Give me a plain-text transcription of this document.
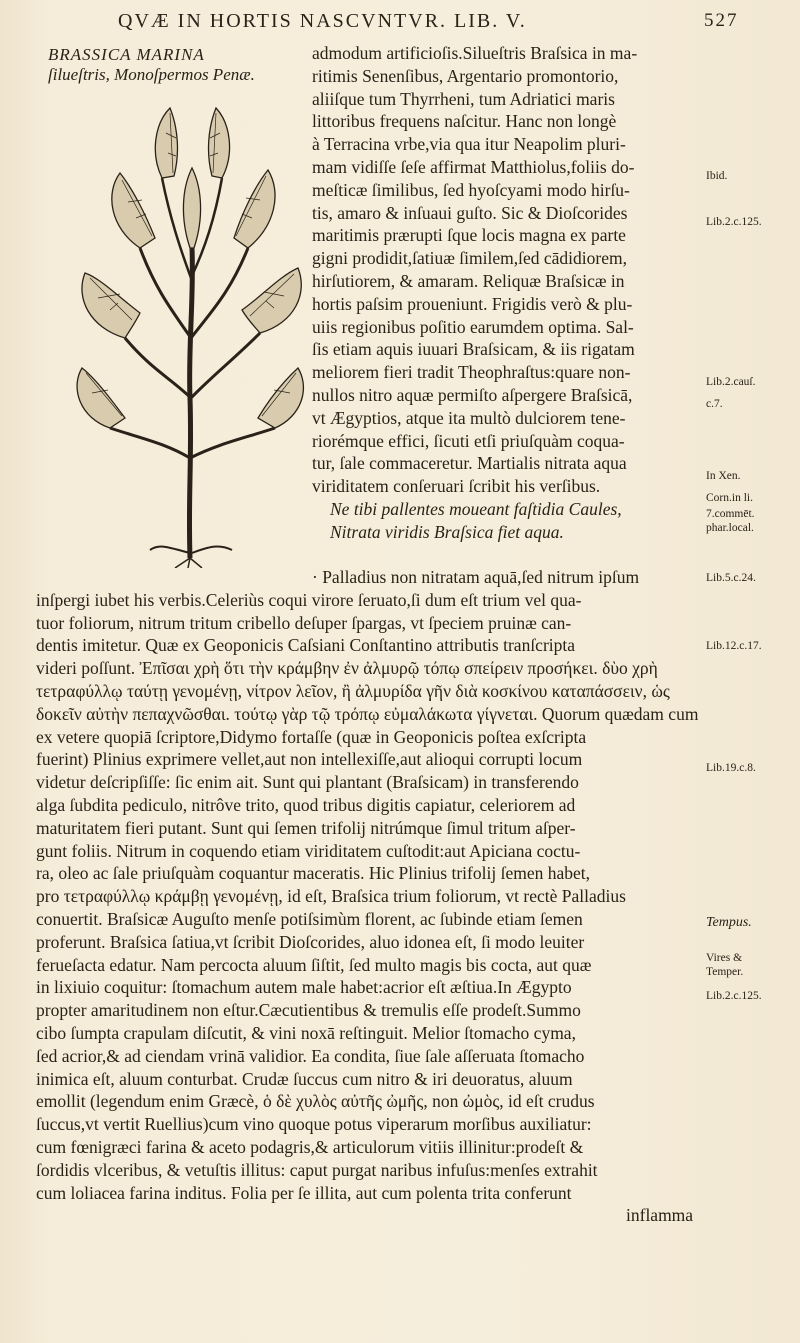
QVÆ IN HORTIS NASCVNTVR. LIB. V.	527
BRASSICA MARINA
ſilueſtris, Monoſpermos Penæ.
admodum artificioſis.Silueſtris Braſsica in ma-
ritimis Senenſibus, Argentario promontorio,
aliiſque tum Thyrrheni, tum Adriatici maris
littoribus frequens naſcitur. Hanc non longè
à Terracina vrbe,via qua itur Neapolim pluri-
mam vidiſſe ſeſe affirmat Matthiolus,foliis do-
meſticæ ſimilibus, ſed hyoſcyami modo hirſu-
tis, amaro & inſuaui guſto. Sic & Dioſcorides
maritimis prærupti ſque locis magna ex parte
gigni prodidit,ſatiuæ ſimilem,ſed cādidiorem,
hirſutiorem, & amaram. Reliquæ Braſsicæ in
hortis paſsim proueniunt. Frigidis verò & plu-
uiis regionibus poſitio earumdem optima. Sal-
ſis etiam aquis iuuari Braſsicam, & iis rigatam
meliorem fieri tradit Theophraſtus:quare non-
nullos nitro aquæ permiſto aſpergere Braſsicā,
vt Ægyptios, atque ita multò dulciorem tene-
riorémque effici, ſicuti etſi priuſquàm coqua-
tur, ſale commaceretur. Martialis nitrata aqua
viriditatem conſeruari ſcribit his verſibus.
Ne tibi pallentes moueant faſtidia Caules,
Nitrata viridis Braſsica fiet aqua.
· Palladius non nitratam aquā,ſed nitrum ipſum
inſpergi iubet his verbis.Celeriùs coqui virore ſeruato,ſi dum eſt trium vel qua-
tuor foliorum, nitrum tritum cribello deſuper ſpargas, vt ſpeciem pruinæ can-
dentis imitetur. Quæ ex Geoponicis Caſsiani Conſtantino attributis tranſcripta
videri poſſunt. Ἐπῖσαι χρὴ ὅτι τὴν κράμβην ἐν ἀλμυρῷ τόπῳ σπείρειν προσήκει. δὺο χρὴ
τετραφύλλῳ ταύτῃ γενομένῃ, νίτρον λεῖον, ἢ ἀλμυρίδα γῆν διὰ κοσκίνου καταπάσσειν, ὡς
δοκεῖν αὐτὴν πεπαχνῶσθαι. τούτῳ γὰρ τῷ τρόπῳ εὐμαλάκωτα γίγνεται. Quorum quædam cum
ex vetere quopiā ſcriptore,Didymo fortaſſe (quæ in Geoponicis poſtea exſcripta
fuerint) Plinius exprimere vellet,aut non intellexiſſe,aut alioqui corrupti locum
videtur deſcripſiſſe: ſic enim ait. Sunt qui plantant (Braſsicam) in transferendo
alga ſubdita pediculo, nitrôve trito, quod tribus digitis capiatur, celeriorem ad
maturitatem fieri putant. Sunt qui ſemen trifolij nitrúmque ſimul tritum aſper-
gunt foliis. Nitrum in coquendo etiam viriditatem cuſtodit:aut Apiciana coctu-
ra, oleo ac ſale priuſquàm coquantur maceratis. Hic Plinius trifolij ſemen habet,
pro τετραφύλλῳ κράμβῃ γενομένῃ, id eſt, Braſsica trium foliorum, vt rectè Palladius
conuertit. Braſsicæ Auguſto menſe potiſsimùm florent, ac ſubinde etiam ſemen
proferunt. Braſsica ſatiua,vt ſcribit Dioſcorides, aluo idonea eſt, ſi modo leuiter
ferueſacta edatur. Nam percocta aluum ſiſtit, ſed multo magis bis cocta, aut quæ
in lixiuio coquitur: ſtomachum autem male habet:acrior eſt æſtiua.In Ægypto
propter amaritudinem non eſtur.Cæcutientibus & tremulis eſſe prodeſt.Summo
cibo ſumpta crapulam diſcutit, & vini noxā reſtinguit. Melior ſtomacho cyma,
ſed acrior,& ad ciendam vrinā validior. Ea condita, ſiue ſale aſſeruata ſtomacho
inimica eſt, aluum conturbat. Crudæ ſuccus cum nitro & iri deuoratus, aluum
emollit (legendum enim Græcè, ὁ δὲ χυλὸς αὐτῆς ὠμῆς, non ὠμὸς, id eſt crudus
ſuccus,vt vertit Ruellius)cum vino quoque potus viperarum morſibus auxiliatur:
cum fœnigræci farina & aceto podagris,& articulorum vitiis illinitur:prodeſt &
ſordidis vlceribus, & vetuſtis illitus: caput purgat naribus infuſus:menſes extrahit
cum loliacea farina inditus. Folia per ſe illita, aut cum polenta trita conferunt
inflamma
Ibid.
Lib.2.c.125.
Lib.2.cauſ.
c.7.
In Xen.
Corn.in li.
7.commēt.
phar.local.
Lib.5.c.24.
Lib.12.c.17.
Lib.19.c.8.
Tempus.
Vires &
Temper.
Lib.2.c.125.
